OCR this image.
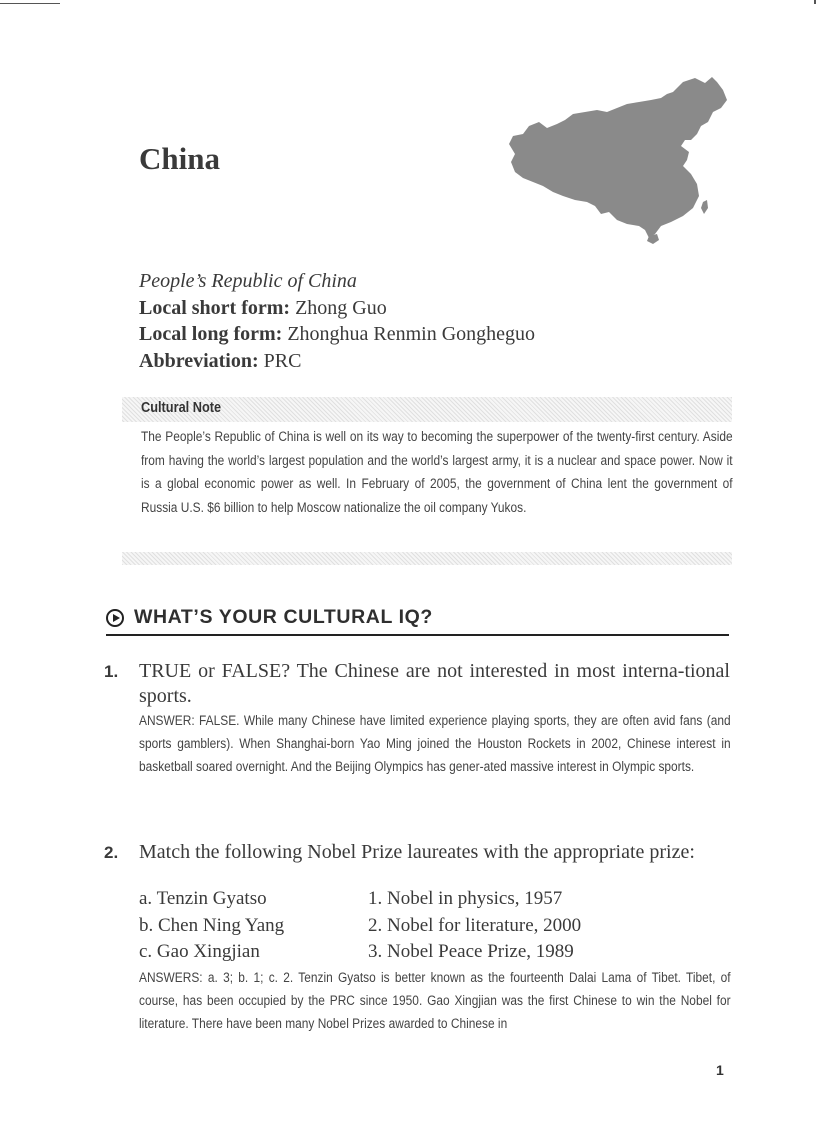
China
People’s Republic of China
Local short form: Zhong Guo
Local long form: Zhonghua Renmin Gongheguo
Abbreviation: PRC
Cultural Note
The People’s Republic of China is well on its way to becoming the superpower of the twenty-first century. Aside from having the world’s largest population and the world’s largest army, it is a nuclear and space power. Now it is a global economic power as well. In February of 2005, the government of China lent the government of Russia U.S. $6 billion to help Moscow nationalize the oil company Yukos.
WHAT’S YOUR CULTURAL IQ?
1. TRUE or FALSE? The Chinese are not interested in most interna-tional sports.
ANSWER: FALSE. While many Chinese have limited experience playing sports, they are often avid fans (and sports gamblers). When Shanghai-born Yao Ming joined the Houston Rockets in 2002, Chinese interest in basketball soared overnight. And the Beijing Olympics has gener-ated massive interest in Olympic sports.
2. Match the following Nobel Prize laureates with the appropriate prize:
a. Tenzin Gyatso	1. Nobel in physics, 1957
b. Chen Ning Yang	2. Nobel for literature, 2000
c. Gao Xingjian	3. Nobel Peace Prize, 1989
ANSWERS: a. 3; b. 1; c. 2. Tenzin Gyatso is better known as the fourteenth Dalai Lama of Tibet. Tibet, of course, has been occupied by the PRC since 1950. Gao Xingjian was the first Chinese to win the Nobel for literature. There have been many Nobel Prizes awarded to Chinese in
1
